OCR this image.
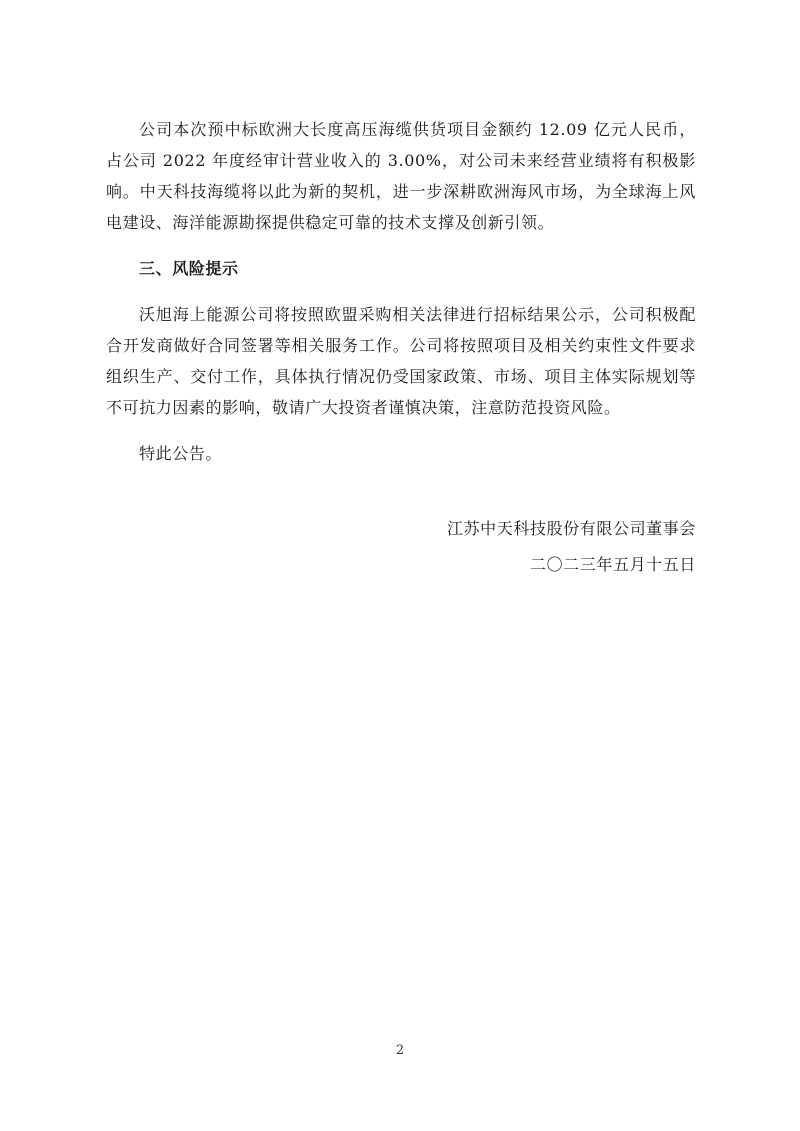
公司本次预中标欧洲大长度高压海缆供货项目金额约 12.09 亿元人民币，占公司 2022 年度经审计营业收入的 3.00%，对公司未来经营业绩将有积极影响。中天科技海缆将以此为新的契机，进一步深耕欧洲海风市场，为全球海上风电建设、海洋能源勘探提供稳定可靠的技术支撑及创新引领。

三、风险提示

沃旭海上能源公司将按照欧盟采购相关法律进行招标结果公示，公司积极配合开发商做好合同签署等相关服务工作。公司将按照项目及相关约束性文件要求组织生产、交付工作，具体执行情况仍受国家政策、市场、项目主体实际规划等不可抗力因素的影响，敬请广大投资者谨慎决策，注意防范投资风险。

特此公告。

江苏中天科技股份有限公司董事会
二〇二三年五月十五日
2
